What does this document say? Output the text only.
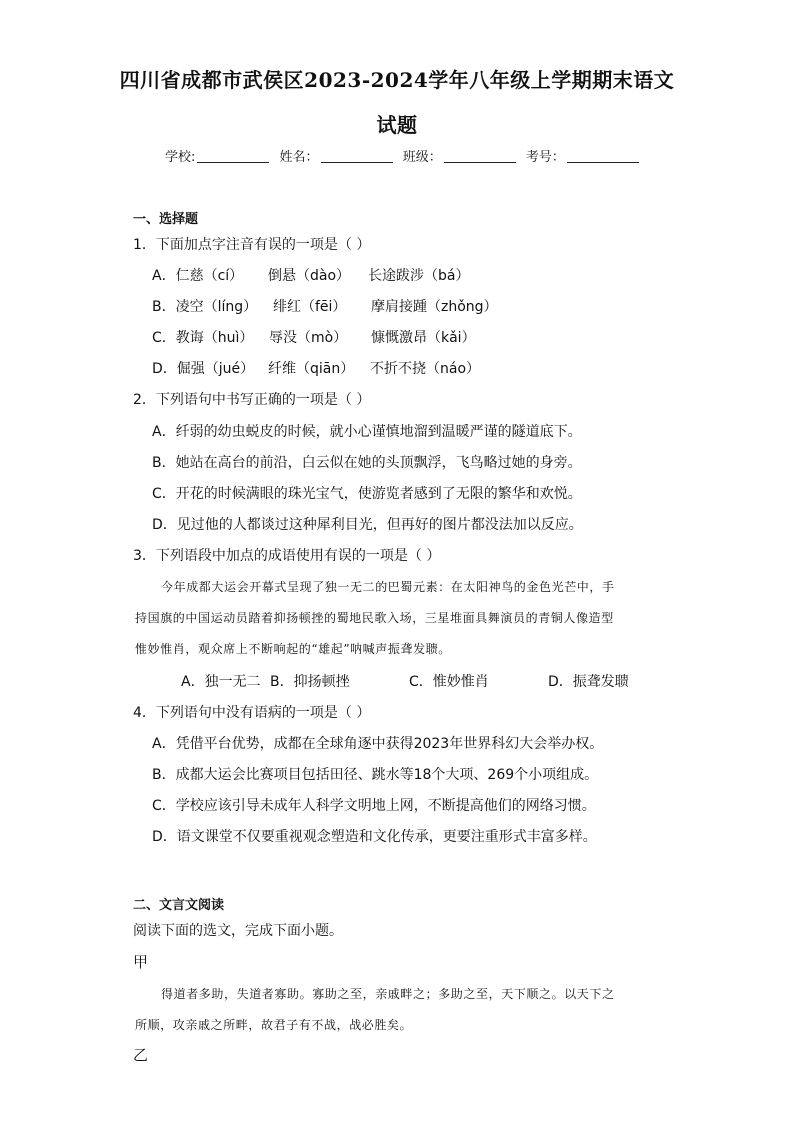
四川省成都市武侯区2023-2024学年八年级上学期期末语文
试题
学校:	姓名：	班级：	考号：
一、选择题
1．下面加点字注音有误的一项是（ ）
A．仁慈（cí） 倒悬（dào） 长途跋涉（bá）
B．凌空（líng） 绯红（fēi） 摩肩接踵（zhǒng）
C．教诲（huì） 辱没（mò） 慷慨激昂（kǎi）
D．倔强（jué） 纤维（qiān） 不折不挠（náo）
2．下列语句中书写正确的一项是（ ）
A．纤弱的幼虫蜕皮的时候，就小心谨慎地溜到温暖严谨的隧道底下。
B．她站在高台的前沿，白云似在她的头顶飘浮，飞鸟略过她的身旁。
C．开花的时候满眼的珠光宝气，使游览者感到了无限的繁华和欢悦。
D．见过他的人都谈过这种犀利目光，但再好的图片都没法加以反应。
3．下列语段中加点的成语使用有误的一项是（ ）
今年成都大运会开幕式呈现了独一无二的巴蜀元素：在太阳神鸟的金色光芒中，手
持国旗的中国运动员踏着抑扬顿挫的蜀地民歌入场，三星堆面具舞演员的青铜人像造型
惟妙惟肖，观众席上不断响起的“雄起”呐喊声振聋发聩。
A．独一无二 B．抑扬顿挫	C．惟妙惟肖	D．振聋发聩
4．下列语句中没有语病的一项是（ ）
A．凭借平台优势，成都在全球角逐中获得2023年世界科幻大会举办权。
B．成都大运会比赛项目包括田径、跳水等18个大项、269个小项组成。
C．学校应该引导未成年人科学文明地上网，不断提高他们的网络习惯。
D．语文课堂不仅要重视观念塑造和文化传承，更要注重形式丰富多样。
二、文言文阅读
阅读下面的选文，完成下面小题。
甲
得道者多助，失道者寡助。寡助之至，亲戚畔之；多助之至，天下顺之。以天下之
所顺，攻亲戚之所畔，故君子有不战，战必胜矣。
乙
